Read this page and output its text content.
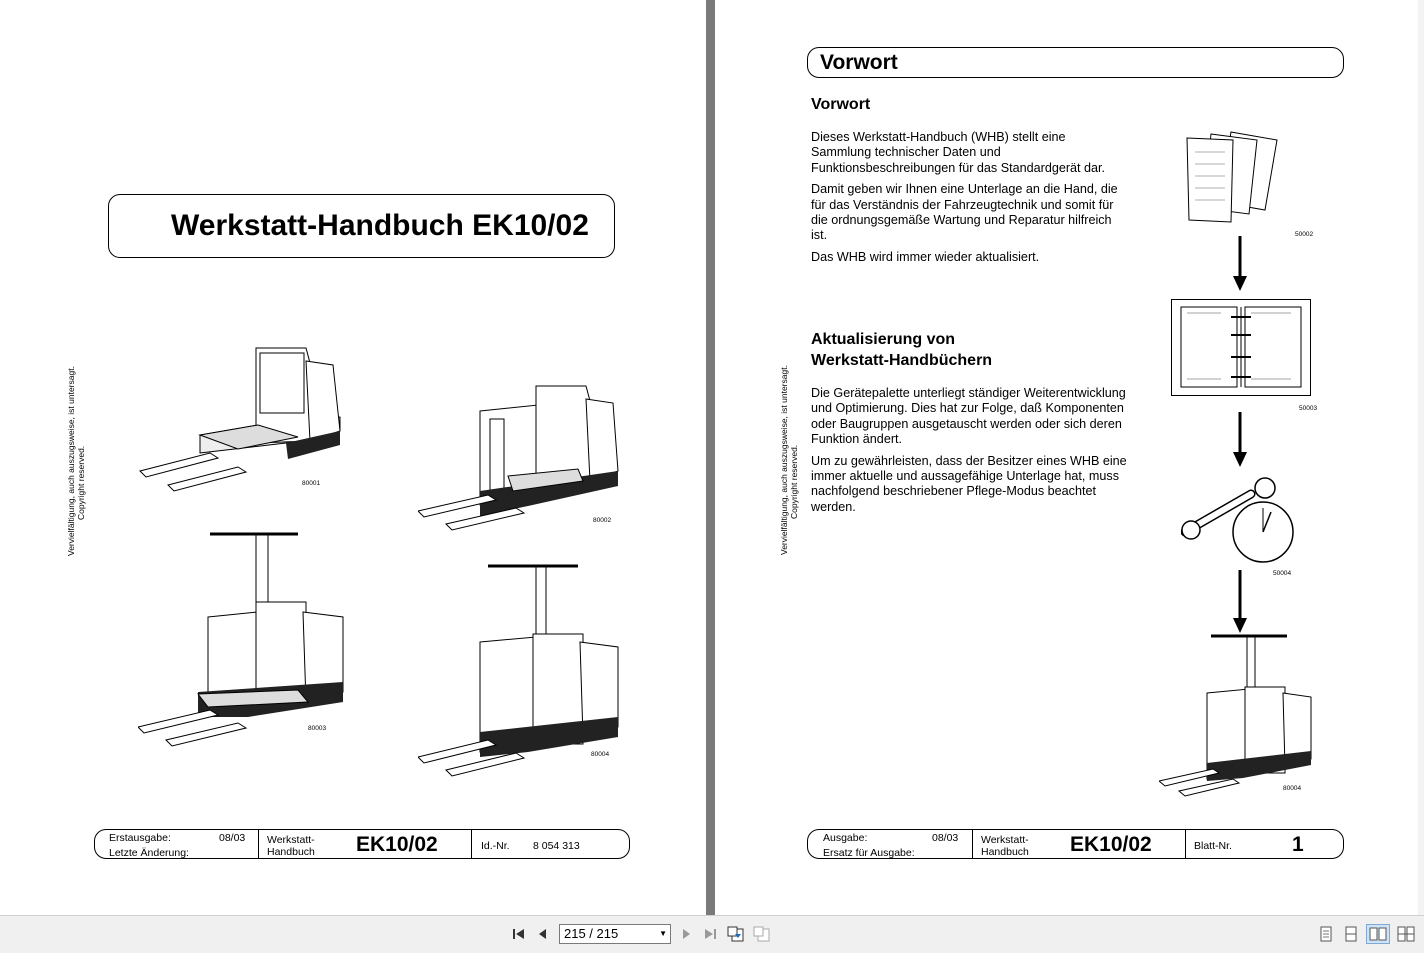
Werkstatt-Handbuch EK10/02
Vervielfältigung, auch auszugsweise, ist untersagt. Copyright reserved.	80001
80002
80003
80004
Erstausgabe:	08/03
Letzte Änderung:
Werkstatt-
Handbuch EK10/02	Id.-Nr. 8 054 313
Vorwort
Vorwort

Dieses Werkstatt-Handbuch (WHB) stellt eine Sammlung technischer Daten und Funktionsbeschreibungen für das Standardgerät dar.

Damit geben wir Ihnen eine Unterlage an die Hand, die für das Verständnis der Fahrzeugtechnik und somit für die ordnungsgemäße Wartung und Reparatur hilfreich ist.

Das WHB wird immer wieder aktualisiert.

Aktualisierung von
Werkstatt-Handbüchern

Die Gerätepalette unterliegt ständiger Weiterentwicklung und Optimierung. Dies hat zur Folge, daß Komponenten oder Baugruppen ausgetauscht werden oder sich deren Funktion ändert.

Um zu gewährleisten, dass der Besitzer eines WHB eine immer aktuelle und aussagefähige Unterlage hat, muss nachfolgend beschriebener Pflege-Modus beachtet werden.

Vervielfältigung, auch auszugsweise, ist untersagt. Copyright reserved.
50002
50003
50004
80004
Ausgabe:	08/03
Ersatz für Ausgabe:
Werkstatt-
Handbuch EK10/02	Blatt-Nr.	1
215 / 215	▼
